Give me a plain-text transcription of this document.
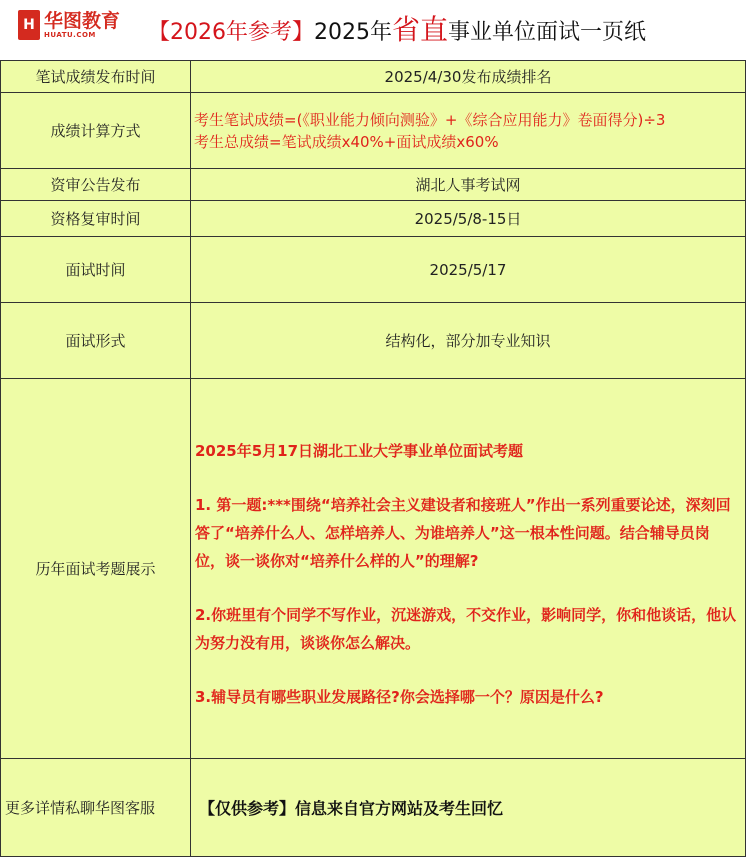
H 华图教育
HUATU.COM	【2026年参考】2025年省直事业单位面试一页纸
笔试成绩发布时间	2025/4/30发布成绩排名
成绩计算方式	考生笔试成绩=(《职业能力倾向测验》+《综合应用能力》卷面得分)÷3
考生总成绩=笔试成绩x40%+面试成绩x60%

资审公告发布	湖北人事考试网
资格复审时间	2025/5/8-15日
面试时间	2025/5/17
面试形式	结构化，部分加专业知识
历年面试考题展示	2025年5月17日湖北工业大学事业单位面试考题
1. 第一题:***围绕“培养社会主义建设者和接班人”作出一系列重要论述，深刻回答了“培养什么人、怎样培养人、为谁培养人”这一根本性问题。结合辅导员岗位，谈一谈你对“培养什么样的人”的理解?
2.你班里有个同学不写作业，沉迷游戏，不交作业，影响同学，你和他谈话，他认为努力没有用，谈谈你怎么解决。
3.辅导员有哪些职业发展路径?你会选择哪一个？原因是什么?

更多详情私聊华图客服	【仅供参考】信息来自官方网站及考生回忆
